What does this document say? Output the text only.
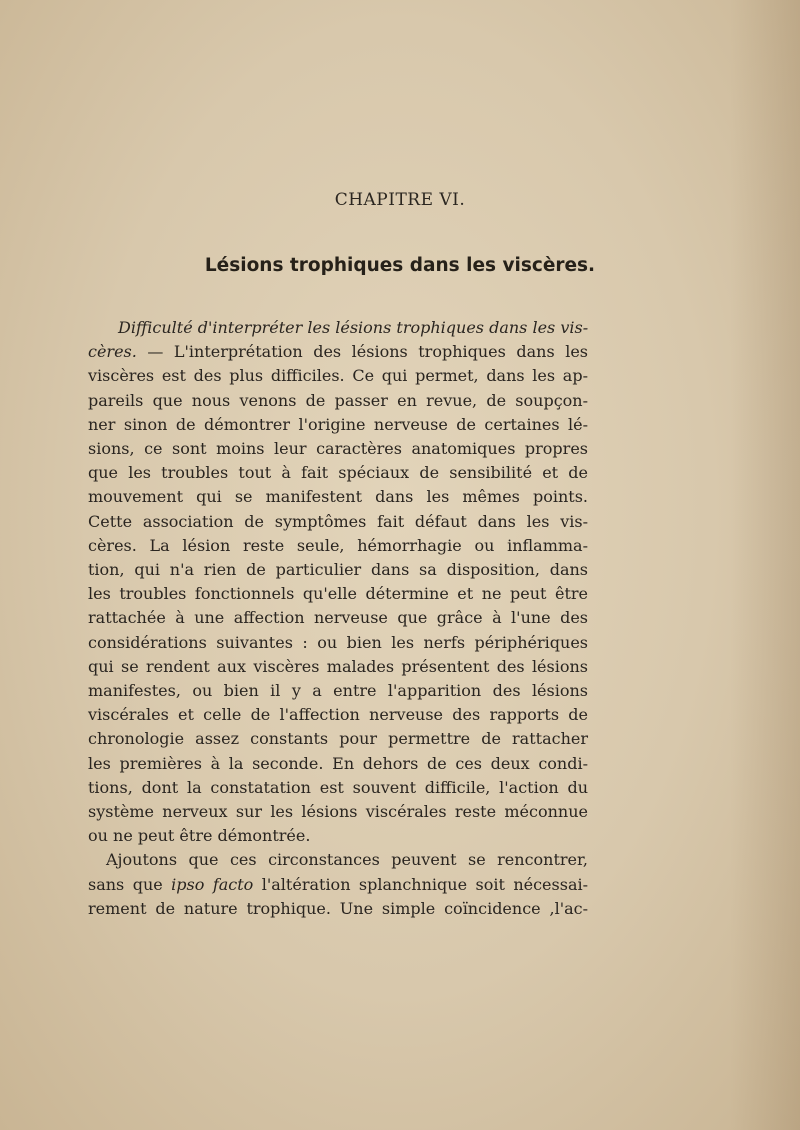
CHAPITRE VI.
Lésions trophiques dans les viscères.
Difficulté d'interpréter les lésions trophiques dans les vis-
cères. — L'interprétation des lésions trophiques dans les
viscères est des plus difficiles. Ce qui permet, dans les ap-
pareils que nous venons de passer en revue, de soupçon-
ner sinon de démontrer l'origine nerveuse de certaines lé-
sions, ce sont moins leur caractères anatomiques propres
que les troubles tout à fait spéciaux de sensibilité et de
mouvement qui se manifestent dans les mêmes points.
Cette association de symptômes fait défaut dans les vis-
cères. La lésion reste seule, hémorrhagie ou inflamma-
tion, qui n'a rien de particulier dans sa disposition, dans
les troubles fonctionnels qu'elle détermine et ne peut être
rattachée à une affection nerveuse que grâce à l'une des
considérations suivantes : ou bien les nerfs périphériques
qui se rendent aux viscères malades présentent des lésions
manifestes, ou bien il y a entre l'apparition des lésions
viscérales et celle de l'affection nerveuse des rapports de
chronologie assez constants pour permettre de rattacher
les premières à la seconde. En dehors de ces deux condi-
tions, dont la constatation est souvent difficile, l'action du
système nerveux sur les lésions viscérales reste méconnue
ou ne peut être démontrée.
Ajoutons que ces circonstances peuvent se rencontrer,
sans que ipso facto l'altération splanchnique soit nécessai-
rement de nature trophique. Une simple coïncidence ,l'ac-
